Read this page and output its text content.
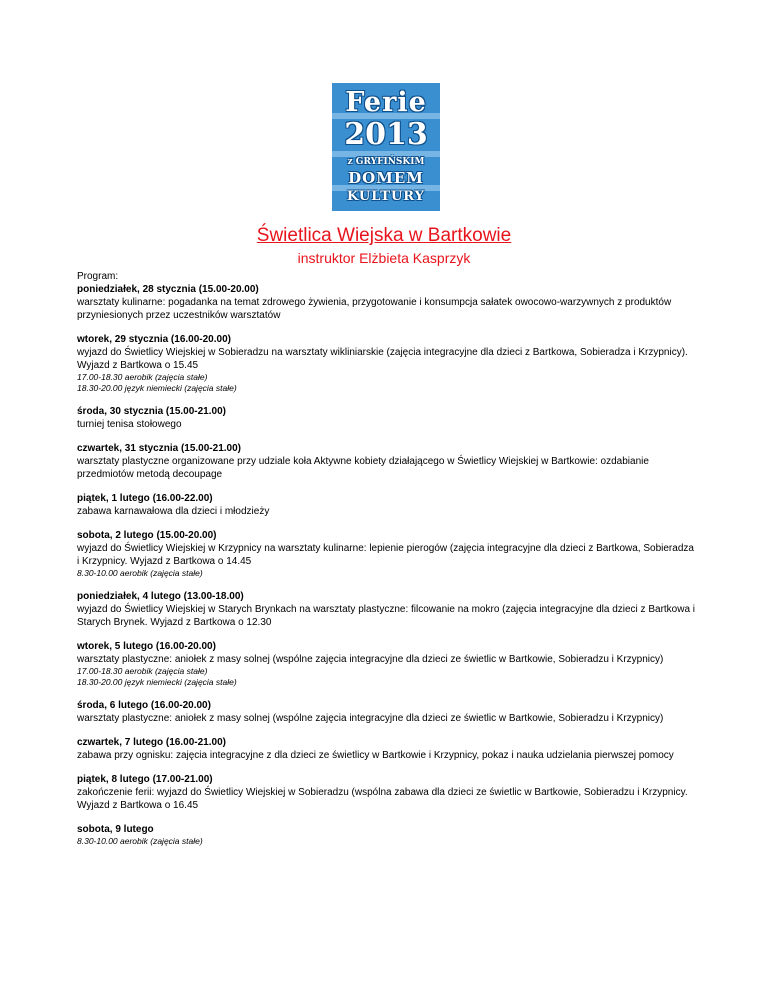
Ferie
2013
z GRYFIŃSKIM
DOMEM
KULTURY
Świetlica Wiejska w Bartkowie
instruktor Elżbieta Kasprzyk

Program:

poniedziałek, 28 stycznia (15.00-20.00)

warsztaty kulinarne: pogadanka na temat zdrowego żywienia, przygotowanie i konsumpcja sałatek owocowo-warzywnych z produktów przyniesionych przez uczestników warsztatów

wtorek, 29 stycznia (16.00-20.00)

wyjazd do Świetlicy Wiejskiej w Sobieradzu na warsztaty wikliniarskie (zajęcia integracyjne dla dzieci z Bartkowa, Sobieradza i Krzypnicy). Wyjazd z Bartkowa o 15.45

17.00-18.30 aerobik (zajęcia stałe)

18.30-20.00 język niemiecki (zajęcia stałe)

środa, 30 stycznia (15.00-21.00)

turniej tenisa stołowego

czwartek, 31 stycznia (15.00-21.00)

warsztaty plastyczne organizowane przy udziale koła Aktywne kobiety działającego w Świetlicy Wiejskiej w Bartkowie: ozdabianie przedmiotów metodą decoupage

piątek, 1 lutego (16.00-22.00)

zabawa karnawałowa dla dzieci i młodzieży

sobota, 2 lutego (15.00-20.00)

wyjazd do Świetlicy Wiejskiej w Krzypnicy na warsztaty kulinarne: lepienie pierogów (zajęcia integracyjne dla dzieci z Bartkowa, Sobieradza i Krzypnicy. Wyjazd z Bartkowa o 14.45

8.30-10.00 aerobik (zajęcia stałe)

poniedziałek, 4 lutego (13.00-18.00)

wyjazd do Świetlicy Wiejskiej w Starych Brynkach na warsztaty plastyczne: filcowanie na mokro (zajęcia integracyjne dla dzieci z Bartkowa i Starych Brynek. Wyjazd z Bartkowa o 12.30

wtorek, 5 lutego (16.00-20.00)

warsztaty plastyczne: aniołek z masy solnej (wspólne zajęcia integracyjne dla dzieci ze świetlic w Bartkowie, Sobieradzu i Krzypnicy)

17.00-18.30 aerobik (zajęcia stałe)

18.30-20.00 język niemiecki (zajęcia stałe)

środa, 6 lutego (16.00-20.00)

warsztaty plastyczne: aniołek z masy solnej (wspólne zajęcia integracyjne dla dzieci ze świetlic w Bartkowie, Sobieradzu i Krzypnicy)

czwartek, 7 lutego (16.00-21.00)

zabawa przy ognisku: zajęcia integracyjne z dla dzieci ze świetlicy w Bartkowie i Krzypnicy, pokaz i nauka udzielania pierwszej pomocy

piątek, 8 lutego (17.00-21.00)

zakończenie ferii: wyjazd do Świetlicy Wiejskiej w Sobieradzu (wspólna zabawa dla dzieci ze świetlic w Bartkowie, Sobieradzu i Krzypnicy. Wyjazd z Bartkowa o 16.45

sobota, 9 lutego

8.30-10.00 aerobik (zajęcia stałe)
